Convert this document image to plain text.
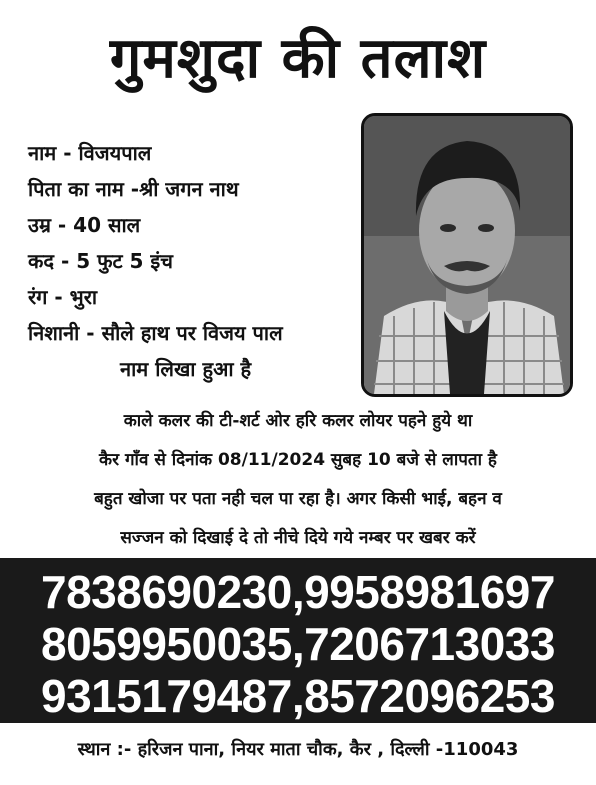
गुमशुदा की तलाश
नाम - विजयपाल
पिता का नाम -श्री जगन नाथ
उम्र - 40 साल
कद - 5 फुट 5 इंच
रंग - भुरा
निशानी - सौले हाथ पर विजय पाल
नाम लिखा हुआ है
काले कलर की टी-शर्ट ओर हरि कलर लोयर पहने हुये था
कैर गाँव से दिनांक 08/11/2024 सुबह 10 बजे से लापता है
बहुत खोजा पर पता नही चल पा रहा है। अगर किसी भाई, बहन व
सज्जन को दिखाई दे तो नीचे दिये गये नम्बर पर खबर करें
7838690230,9958981697
8059950035,7206713033
9315179487,8572096253
स्थान :- हरिजन पाना, नियर माता चौक, कैर , दिल्ली -110043
